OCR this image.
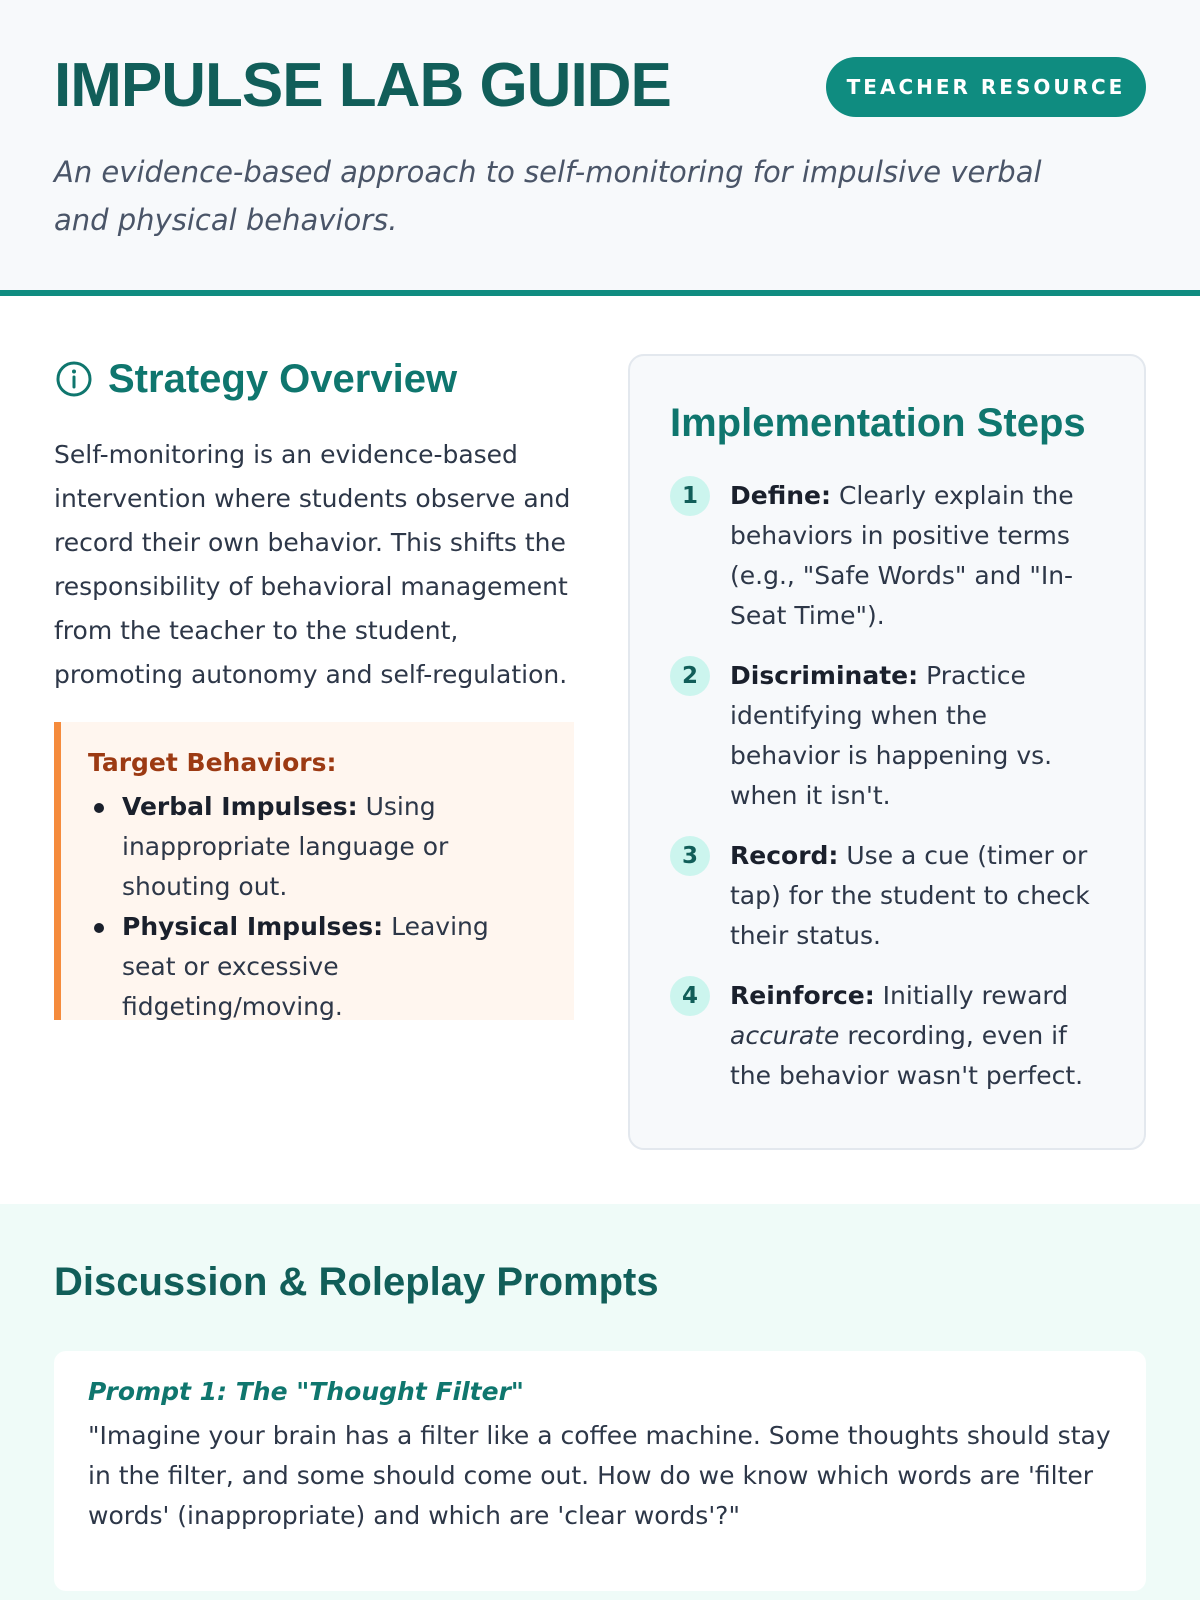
IMPULSE LAB GUIDE	TEACHER RESOURCE

An evidence-based approach to self-monitoring for impulsive verbal and physical behaviors.

Strategy Overview

Self-monitoring is an evidence-based intervention where students observe and record their own behavior. This shifts the responsibility of behavioral management from the teacher to the student, promoting autonomy and self-regulation.

Target Behaviors:
Verbal Impulses: Using inappropriate language or shouting out.
Physical Impulses: Leaving seat or excessive fidgeting/moving.
Implementation Steps
1	Define: Clearly explain the behaviors in positive terms (e.g., "Safe Words" and "In-Seat Time").

2	Discriminate: Practice identifying when the behavior is happening vs. when it isn't.

3	Record: Use a cue (timer or tap) for the student to check their status.

4	Reinforce: Initially reward accurate recording, even if the behavior wasn't perfect.

Discussion & Roleplay Prompts
Prompt 1: The "Thought Filter"

"Imagine your brain has a filter like a coffee machine. Some thoughts should stay in the filter, and some should come out. How do we know which words are 'filter words' (inappropriate) and which are 'clear words'?"
